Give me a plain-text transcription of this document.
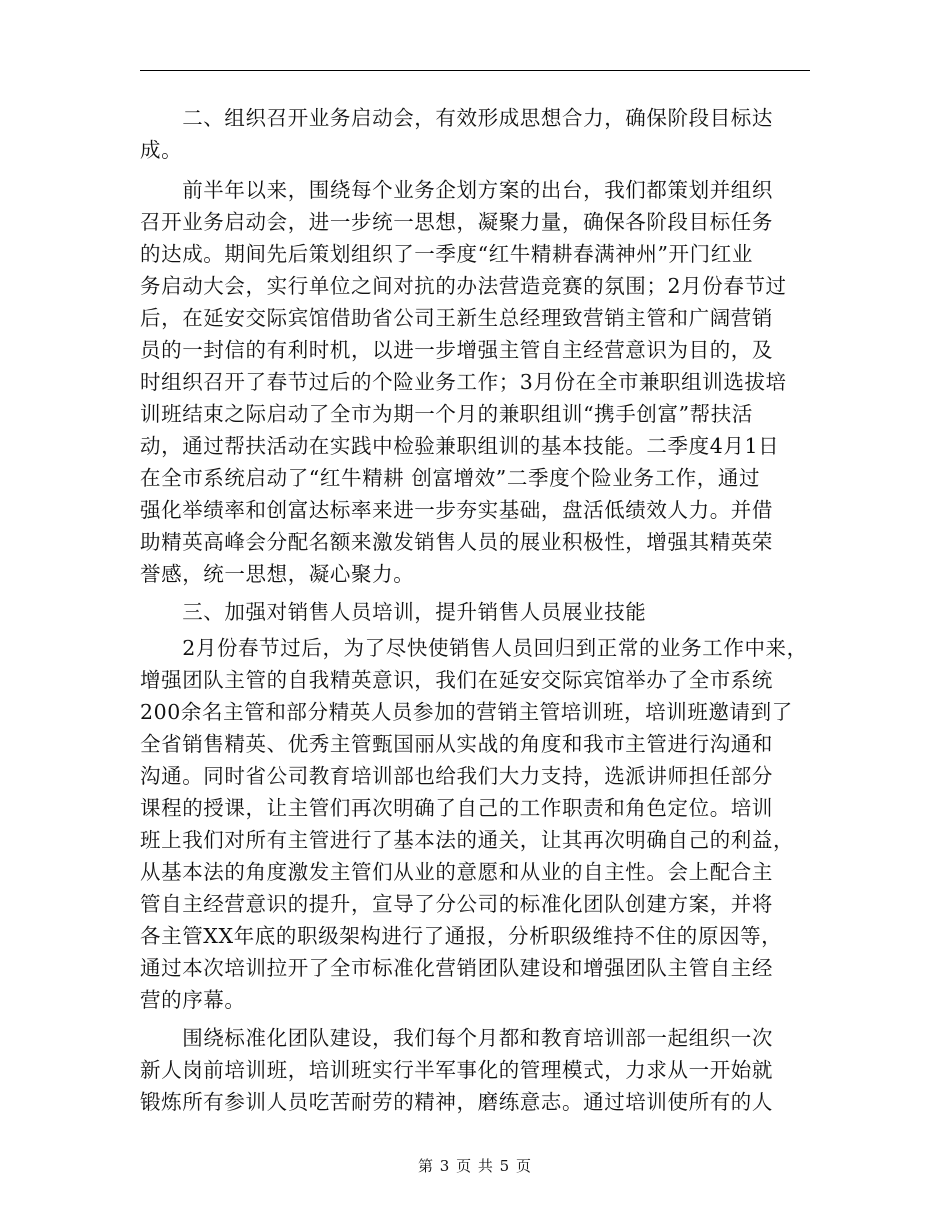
　　二、组织召开业务启动会，有效形成思想合力，确保阶段目标达
成。
　　前半年以来，围绕每个业务企划方案的出台，我们都策划并组织
召开业务启动会，进一步统一思想，凝聚力量，确保各阶段目标任务
的达成。期间先后策划组织了一季度“红牛精耕春满神州”开门红业
务启动大会，实行单位之间对抗的办法营造竞赛的氛围；2月份春节过
后，在延安交际宾馆借助省公司王新生总经理致营销主管和广阔营销
员的一封信的有利时机，以进一步增强主管自主经营意识为目的，及
时组织召开了春节过后的个险业务工作；3月份在全市兼职组训选拔培
训班结束之际启动了全市为期一个月的兼职组训“携手创富”帮扶活
动，通过帮扶活动在实践中检验兼职组训的基本技能。二季度4月1日
在全市系统启动了“红牛精耕 创富增效”二季度个险业务工作，通过
强化举绩率和创富达标率来进一步夯实基础，盘活低绩效人力。并借
助精英高峰会分配名额来激发销售人员的展业积极性，增强其精英荣
誉感，统一思想，凝心聚力。
　　三、加强对销售人员培训，提升销售人员展业技能
　　2月份春节过后，为了尽快使销售人员回归到正常的业务工作中来，
增强团队主管的自我精英意识，我们在延安交际宾馆举办了全市系统
200余名主管和部分精英人员参加的营销主管培训班，培训班邀请到了
全省销售精英、优秀主管甄国丽从实战的角度和我市主管进行沟通和
沟通。同时省公司教育培训部也给我们大力支持，选派讲师担任部分
课程的授课，让主管们再次明确了自己的工作职责和角色定位。培训
班上我们对所有主管进行了基本法的通关，让其再次明确自己的利益，
从基本法的角度激发主管们从业的意愿和从业的自主性。会上配合主
管自主经营意识的提升，宣导了分公司的标准化团队创建方案，并将
各主管XX年底的职级架构进行了通报，分析职级维持不住的原因等，
通过本次培训拉开了全市标准化营销团队建设和增强团队主管自主经
营的序幕。
　　围绕标准化团队建设，我们每个月都和教育培训部一起组织一次
新人岗前培训班，培训班实行半军事化的管理模式，力求从一开始就
锻炼所有参训人员吃苦耐劳的精神，磨练意志。通过培训使所有的人
第 3 页 共 5 页
